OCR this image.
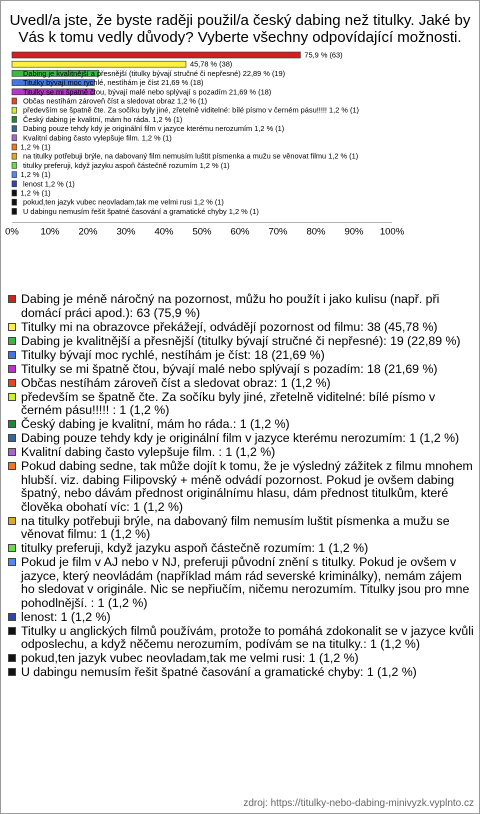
Uvedl/a jste, že byste raději použil/a český dabing než titulky. Jaké by Vás k tomu vedly důvody? Vyberte všechny odpovídající možnosti.
75,9 % (63)
45,78 % (38)
Dabing je kvalitnější a přesnější (titulky bývají stručné či nepřesné) 22,89 % (19)
Titulky bývají moc rychlé, nestíhám je číst 21,69 % (18)
Titulky se mi špatně čtou, bývají malé nebo splývají s pozadím 21,69 % (18)
Občas nestíhám zároveň číst a sledovat obraz 1,2 % (1)
především se špatně čte. Za sočíku byly jiné, zřetelně viditelné: bílé písmo v černém pásu!!!!! 1,2 % (1)
Český dabing je kvalitní, mám ho ráda. 1,2 % (1)
Dabing pouze tehdy kdy je originální film v jazyce kterému nerozumím 1,2 % (1)
Kvalitní dabing často vylepšuje film. 1,2 % (1)
1,2 % (1)
na titulky potřebuji brýle, na dabovaný film nemusím luštit písmenka a mužu se věnovat filmu 1,2 % (1)
titulky preferuji, když jazyku aspoň částečně rozumím 1,2 % (1)
1,2 % (1)
lenost 1,2 % (1)
1,2 % (1)
pokud,ten jazyk vubec neovladam,tak me velmi rusi 1,2 % (1)
U dabingu nemusím řešit špatné časování a gramatické chyby 1,2 % (1)
0% 10% 20% 30% 40% 50% 60% 70% 80% 90% 100%
Dabing je méně náročný na pozornost, můžu ho použít i jako kulisu (např. při domácí práci apod.): 63 (75,9 %)
Titulky mi na obrazovce překážejí, odvádějí pozornost od filmu: 38 (45,78 %)
Dabing je kvalitnější a přesnější (titulky bývají stručné či nepřesné): 19 (22,89 %)
Titulky bývají moc rychlé, nestíhám je číst: 18 (21,69 %)
Titulky se mi špatně čtou, bývají malé nebo splývají s pozadím: 18 (21,69 %)
Občas nestíhám zároveň číst a sledovat obraz: 1 (1,2 %)
především se špatně čte. Za sočíku byly jiné, zřetelně viditelné: bílé písmo v černém pásu!!!!! : 1 (1,2 %)
Český dabing je kvalitní, mám ho ráda.: 1 (1,2 %)
Dabing pouze tehdy kdy je originální film v jazyce kterému nerozumím: 1 (1,2 %)
Kvalitní dabing často vylepšuje film. : 1 (1,2 %)
Pokud dabing sedne, tak může dojít k tomu, že je výsledný zážitek z filmu mnohem hlubší. viz. dabing Filipovský + méně odvádí pozornost. Pokud je ovšem dabing špatný, nebo dávám přednost originálnímu hlasu, dám přednost titulkům, které člověka obohatí víc: 1 (1,2 %)
na titulky potřebuji brýle, na dabovaný film nemusím luštit písmenka a mužu se věnovat filmu: 1 (1,2 %)
titulky preferuji, když jazyku aspoň částečně rozumím: 1 (1,2 %)
Pokud je film v AJ nebo v NJ, preferuji původní znění s titulky. Pokud je ovšem v jazyce, který neovládám (například mám rád severské kriminálky), nemám zájem ho sledovat v originále. Nic se nepřiučím, ničemu nerozumím. Titulky jsou pro mne pohodlnější. : 1 (1,2 %)
lenost: 1 (1,2 %)
Titulky u anglických filmů používám, protože to pomáhá zdokonalit se v jazyce kvůli odposlechu, a když něčemu nerozumím, podívám se na titulky.: 1 (1,2 %)
pokud,ten jazyk vubec neovladam,tak me velmi rusi: 1 (1,2 %)
U dabingu nemusím řešit špatné časování a gramatické chyby: 1 (1,2 %)
zdroj: https://titulky-nebo-dabing-minivyzk.vyplnto.cz
